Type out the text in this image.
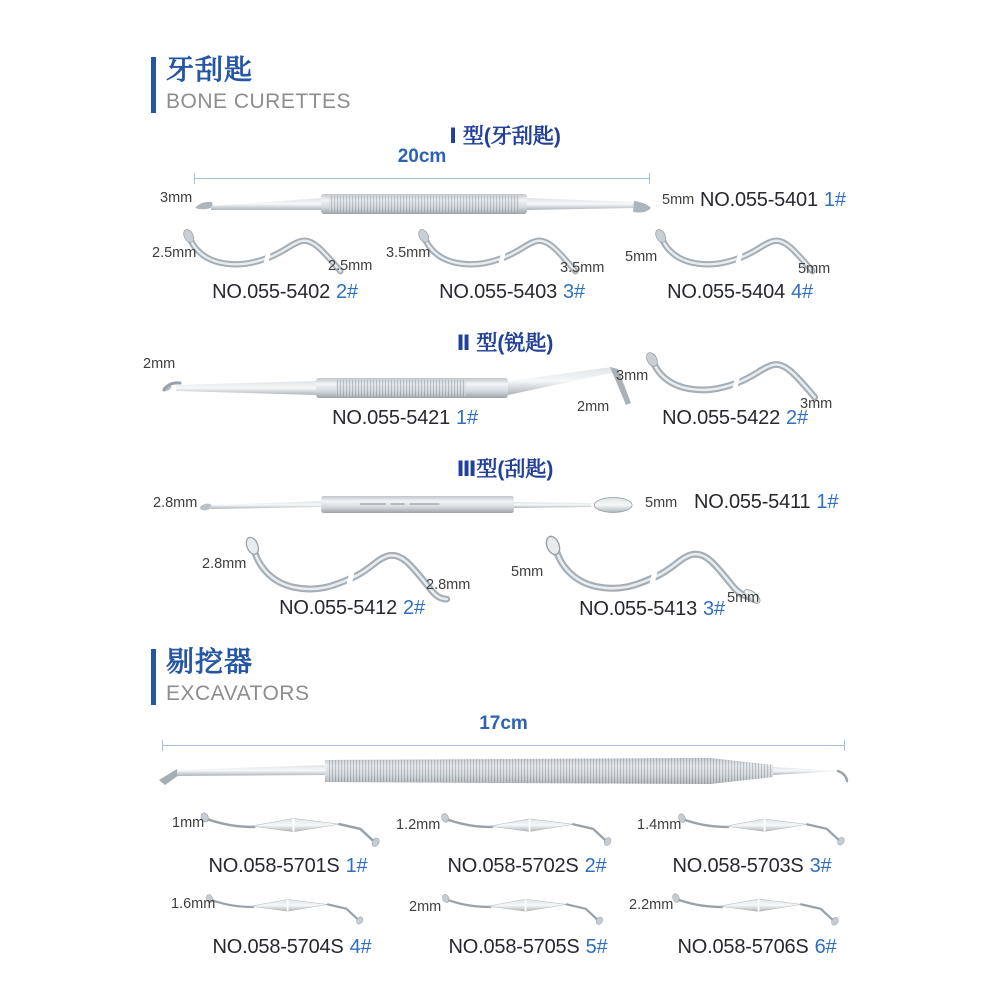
牙刮匙
BONE CURETTES
Ⅰ 型(牙刮匙)
20cm
3mm	5mm NO.055-5401 1#
2.5mm
2.5mm
NO.055-5402 2#
3.5mm
3.5mm
NO.055-5403 3#
5mm
5mm
NO.055-5404 4#
Ⅱ 型(锐匙)
2mm
2mm
NO.055-5421 1#
3mm
3mm
NO.055-5422 2#
Ⅲ型(刮匙)
2.8mm	5mm NO.055-5411 1#
2.8mm
2.8mm
NO.055-5412 2#
5mm
5mm
NO.055-5413 3#
剔挖器
EXCAVATORS
17cm
1mm
NO.058-5701S 1#
1.2mm
NO.058-5702S 2#
1.4mm
NO.058-5703S 3#
1.6mm
NO.058-5704S 4#
2mm
NO.058-5705S 5#
2.2mm
NO.058-5706S 6#
